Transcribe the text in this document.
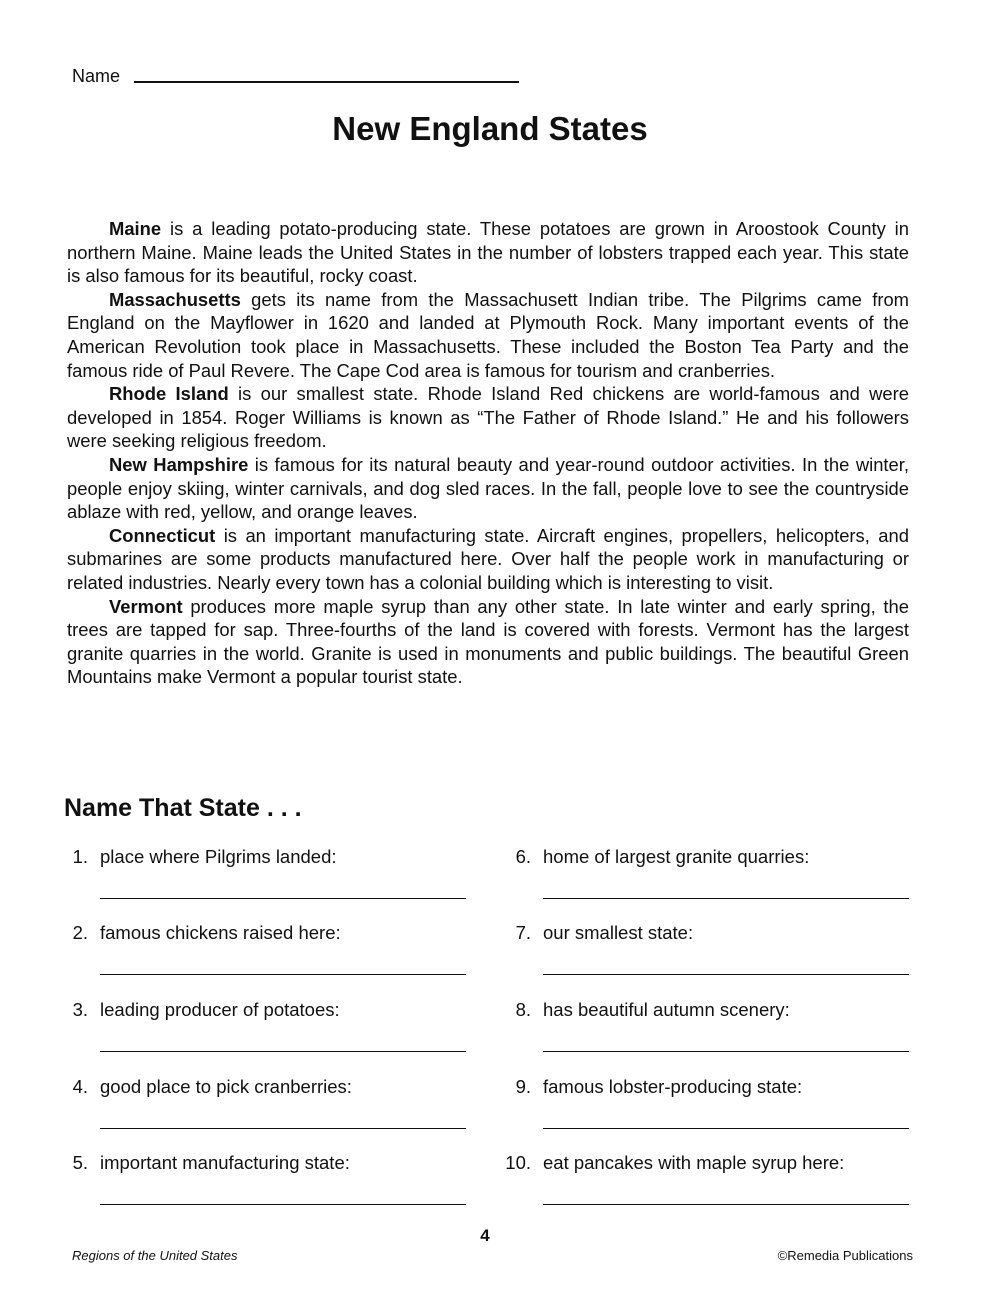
Name
New England States

Maine is a leading potato-producing state. These potatoes are grown in Aroostook County in northern Maine. Maine leads the United States in the number of lobsters trapped each year. This state is also famous for its beautiful, rocky coast.

Massachusetts gets its name from the Massachusett Indian tribe. The Pilgrims came from England on the Mayflower in 1620 and landed at Plymouth Rock. Many important events of the American Revolution took place in Massachusetts. These included the Boston Tea Party and the famous ride of Paul Revere. The Cape Cod area is famous for tourism and cranberries.

Rhode Island is our smallest state. Rhode Island Red chickens are world-famous and were developed in 1854. Roger Williams is known as “The Father of Rhode Island.” He and his followers were seeking religious freedom.

New Hampshire is famous for its natural beauty and year-round outdoor activities. In the winter, people enjoy skiing, winter carnivals, and dog sled races. In the fall, people love to see the countryside ablaze with red, yellow, and orange leaves.

Connecticut is an important manufacturing state. Aircraft engines, propellers, helicopters, and submarines are some products manufactured here. Over half the people work in manufacturing or related industries. Nearly every town has a colonial building which is interesting to visit.

Vermont produces more maple syrup than any other state. In late winter and early spring, the trees are tapped for sap. Three-fourths of the land is covered with forests. Vermont has the largest granite quarries in the world. Granite is used in monuments and public buildings. The beautiful Green Mountains make Vermont a popular tourist state.

Name That State . . .
1. place where Pilgrims landed:
2. famous chickens raised here:
3. leading producer of potatoes:
4. good place to pick cranberries:
5. important manufacturing state:
6. home of largest granite quarries:
7. our smallest state:
8. has beautiful autumn scenery:
9. famous lobster-producing state:
10. eat pancakes with maple syrup here:
4
Regions of the United States	©Remedia Publications
